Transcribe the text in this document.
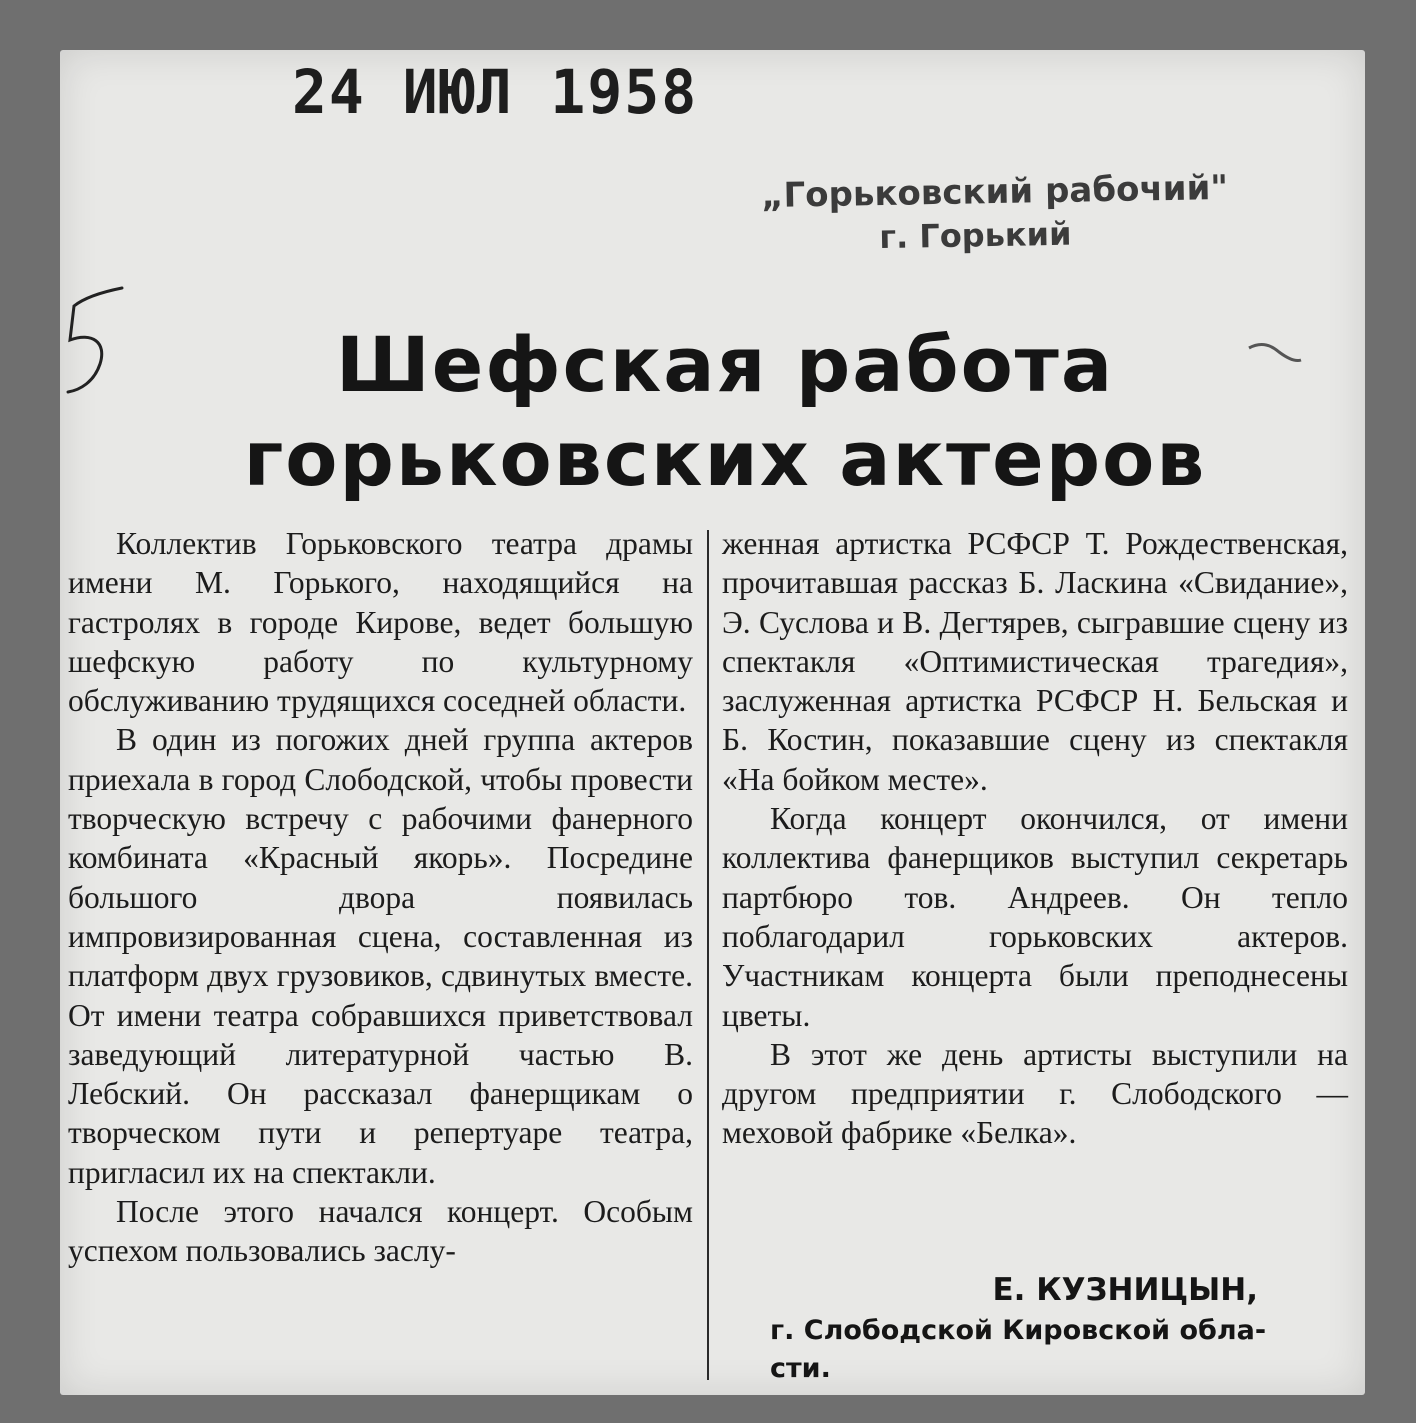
24 ИЮЛ 1958
„Горьковский рабочий"
г. Горький
Шефская работа
горьковских актеров

Коллектив Горьковского театра драмы имени М. Горького, находящийся на гастролях в городе Кирове, ведет большую шефскую работу по культурному обслуживанию трудящихся соседней области.

В один из погожих дней группа актеров приехала в город Слободской, чтобы провести творческую встречу с рабочими фанерного комбината «Красный якорь». Посредине большого двора появилась импровизированная сцена, составленная из платформ двух грузовиков, сдвинутых вместе. От имени театра собравшихся приветствовал заведующий литературной частью В. Лебский. Он рассказал фанерщикам о творческом пути и репертуаре театра, пригласил их на спектакли.

После этого начался концерт. Особым успехом пользовались заслу-

женная артистка РСФСР Т. Рождественская, прочитавшая рассказ Б. Ласкина «Свидание», Э. Суслова и В. Дегтярев, сыгравшие сцену из спектакля «Оптимистическая трагедия», заслуженная артистка РСФСР Н. Бельская и Б. Костин, показавшие сцену из спектакля «На бойком месте».

Когда концерт окончился, от имени коллектива фанерщиков выступил секретарь партбюро тов. Андреев. Он тепло поблагодарил горьковских актеров. Участникам концерта были преподнесены цветы.

В этот же день артисты выступили на другом предприятии г. Слободского — меховой фабрике «Белка».

Е. КУЗНИЦЫН,
г. Слободской Кировской обла-
сти.
